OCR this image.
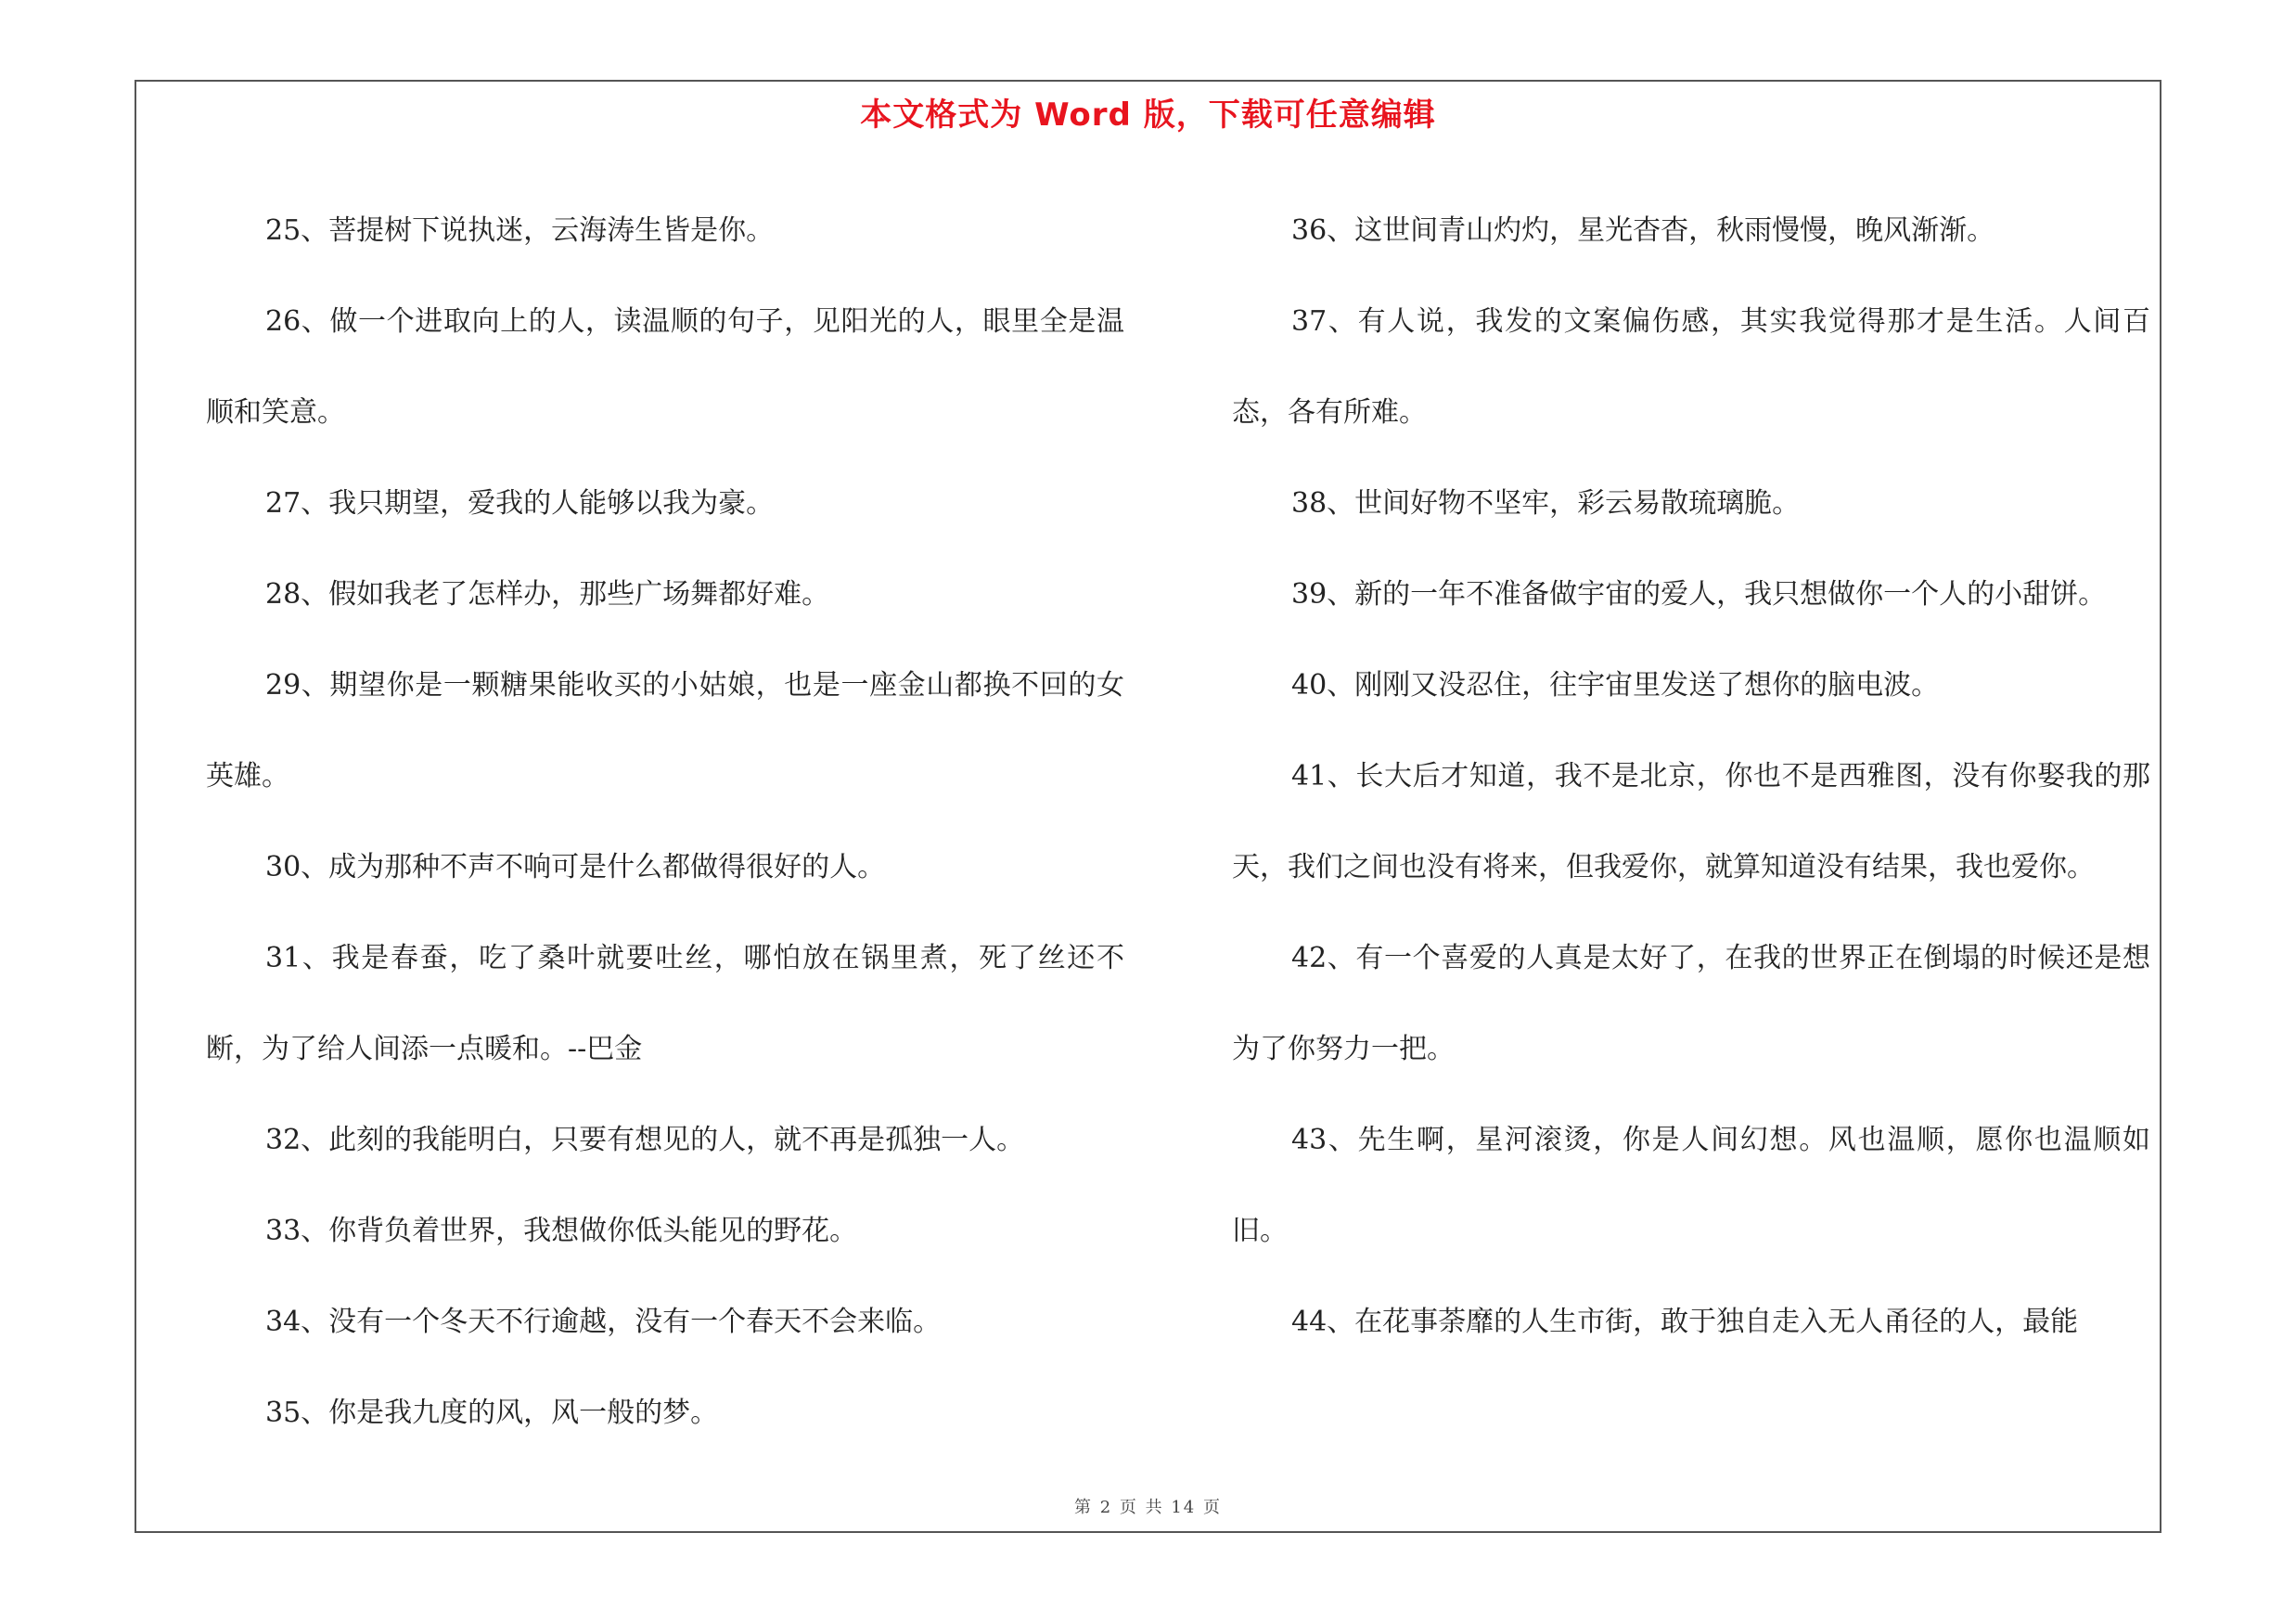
本文格式为 Word 版，下载可任意编辑

25、菩提树下说执迷，云海涛生皆是你。

26、做一个进取向上的人，读温顺的句子，见阳光的人，眼里全是温顺和笑意。

27、我只期望，爱我的人能够以我为豪。

28、假如我老了怎样办，那些广场舞都好难。

29、期望你是一颗糖果能收买的小姑娘，也是一座金山都换不回的女英雄。

30、成为那种不声不响可是什么都做得很好的人。

31、我是春蚕，吃了桑叶就要吐丝，哪怕放在锅里煮，死了丝还不断，为了给人间添一点暖和。--巴金

32、此刻的我能明白，只要有想见的人，就不再是孤独一人。

33、你背负着世界，我想做你低头能见的野花。

34、没有一个冬天不行逾越，没有一个春天不会来临。

35、你是我九度的风，风一般的梦。

36、这世间青山灼灼，星光杳杳，秋雨慢慢，晚风渐渐。

37、有人说，我发的文案偏伤感，其实我觉得那才是生活。人间百态，各有所难。

38、世间好物不坚牢，彩云易散琉璃脆。

39、新的一年不准备做宇宙的爱人，我只想做你一个人的小甜饼。

40、刚刚又没忍住，往宇宙里发送了想你的脑电波。

41、长大后才知道，我不是北京，你也不是西雅图，没有你娶我的那天，我们之间也没有将来，但我爱你，就算知道没有结果，我也爱你。

42、有一个喜爱的人真是太好了，在我的世界正在倒塌的时候还是想为了你努力一把。

43、先生啊，星河滚烫，你是人间幻想。风也温顺，愿你也温顺如旧。

44、在花事荼靡的人生市街，敢于独自走入无人甬径的人，最能

第 2 页 共 14 页
